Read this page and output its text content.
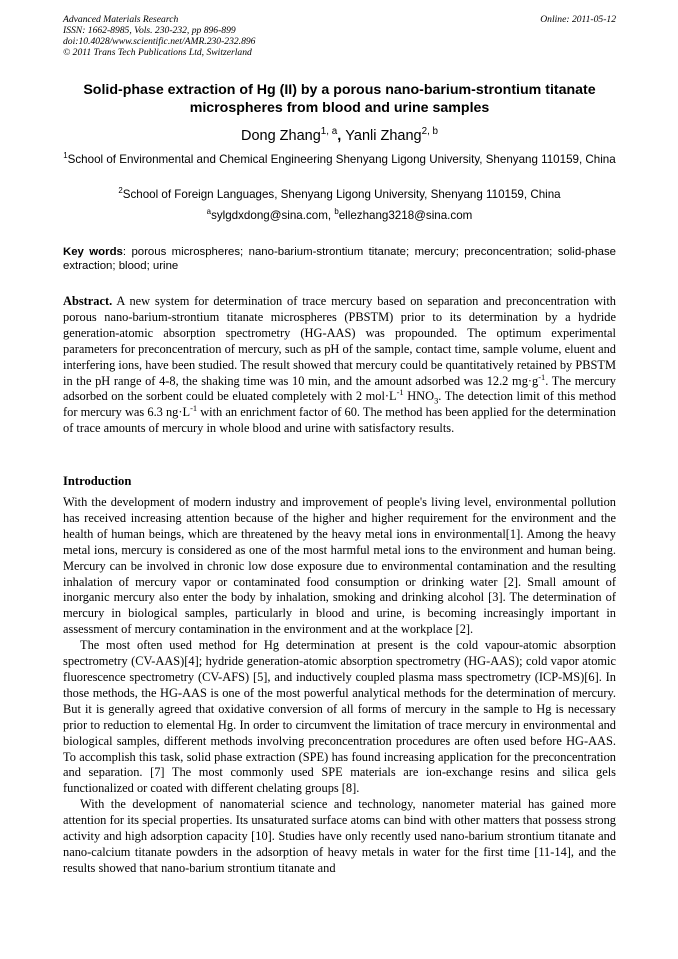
Advanced Materials Research
ISSN: 1662-8985, Vols. 230-232, pp 896-899
doi:10.4028/www.scientific.net/AMR.230-232.896
© 2011 Trans Tech Publications Ltd, Switzerland
Online: 2011-05-12
Solid-phase extraction of Hg (II) by a porous nano-barium-strontium titanate microspheres from blood and urine samples
Dong Zhang$^{1, a}$, Yanli Zhang$^{2, b}$
$^1$School of Environmental and Chemical Engineering Shenyang Ligong University, Shenyang 110159, China
$^2$School of Foreign Languages, Shenyang Ligong University, Shenyang 110159, China
$^a$sylgdxdong@sina.com, $^b$ellezhang3218@sina.com
Key words: porous microspheres; nano-barium-strontium titanate; mercury; preconcentration; solid-phase extraction; blood; urine
Abstract. A new system for determination of trace mercury based on separation and preconcentration with porous nano-barium-strontium titanate microspheres (PBSTM) prior to its determination by a hydride generation-atomic absorption spectrometry (HG-AAS) was propounded. The optimum experimental parameters for preconcentration of mercury, such as pH of the sample, contact time, sample volume, eluent and interfering ions, have been studied. The result showed that mercury could be quantitatively retained by PBSTM in the pH range of 4-8, the shaking time was 10 min, and the amount adsorbed was 12.2 $mg\cdot g^{-1}$. The mercury adsorbed on the sorbent could be eluated completely with 2 $mol\cdot L^{-1}$ $HNO_3$. The detection limit of this method for mercury was 6.3 $ng\cdot L^{-1}$ with an enrichment factor of 60. The method has been applied for the determination of trace amounts of mercury in whole blood and urine with satisfactory results.
Introduction

With the development of modern industry and improvement of people's living level, environmental pollution has received increasing attention because of the higher and higher requirement for the environment and the health of human beings, which are threatened by the heavy metal ions in environmental[1]. Among the heavy metal ions, mercury is considered as one of the most harmful metal ions to the environment and human being. Mercury can be involved in chronic low dose exposure due to environmental contamination and the resulting inhalation of mercury vapor or contaminated food consumption or drinking water [2]. Small amount of inorganic mercury also enter the body by inhalation, smoking and drinking alcohol [3]. The determination of mercury in biological samples, particularly in blood and urine, is becoming increasingly important in assessment of mercury contamination in the environment and at the workplace [2].

The most often used method for Hg determination at present is the cold vapour-atomic absorption spectrometry (CV-AAS)[4]; hydride generation-atomic absorption spectrometry (HG-AAS); cold vapor atomic fluorescence spectrometry (CV-AFS) [5], and inductively coupled plasma mass spectrometry (ICP-MS)[6]. In those methods, the HG-AAS is one of the most powerful analytical methods for the determination of mercury. But it is generally agreed that oxidative conversion of all forms of mercury in the sample to Hg is necessary prior to reduction to elemental Hg. In order to circumvent the limitation of trace mercury in environmental and biological samples, different methods involving preconcentration procedures are often used before HG-AAS. To accomplish this task, solid phase extraction (SPE) has found increasing application for the preconcentration and separation. [7] The most commonly used SPE materials are ion-exchange resins and silica gels functionalized or coated with different chelating groups [8].

With the development of nanomaterial science and technology, nanometer material has gained more attention for its special properties. Its unsaturated surface atoms can bind with other matters that possess strong activity and high adsorption capacity [10]. Studies have only recently used nano-barium strontium titanate and nano-calcium titanate powders in the adsorption of heavy metals in water for the first time [11-14], and the results showed that nano-barium strontium titanate and
